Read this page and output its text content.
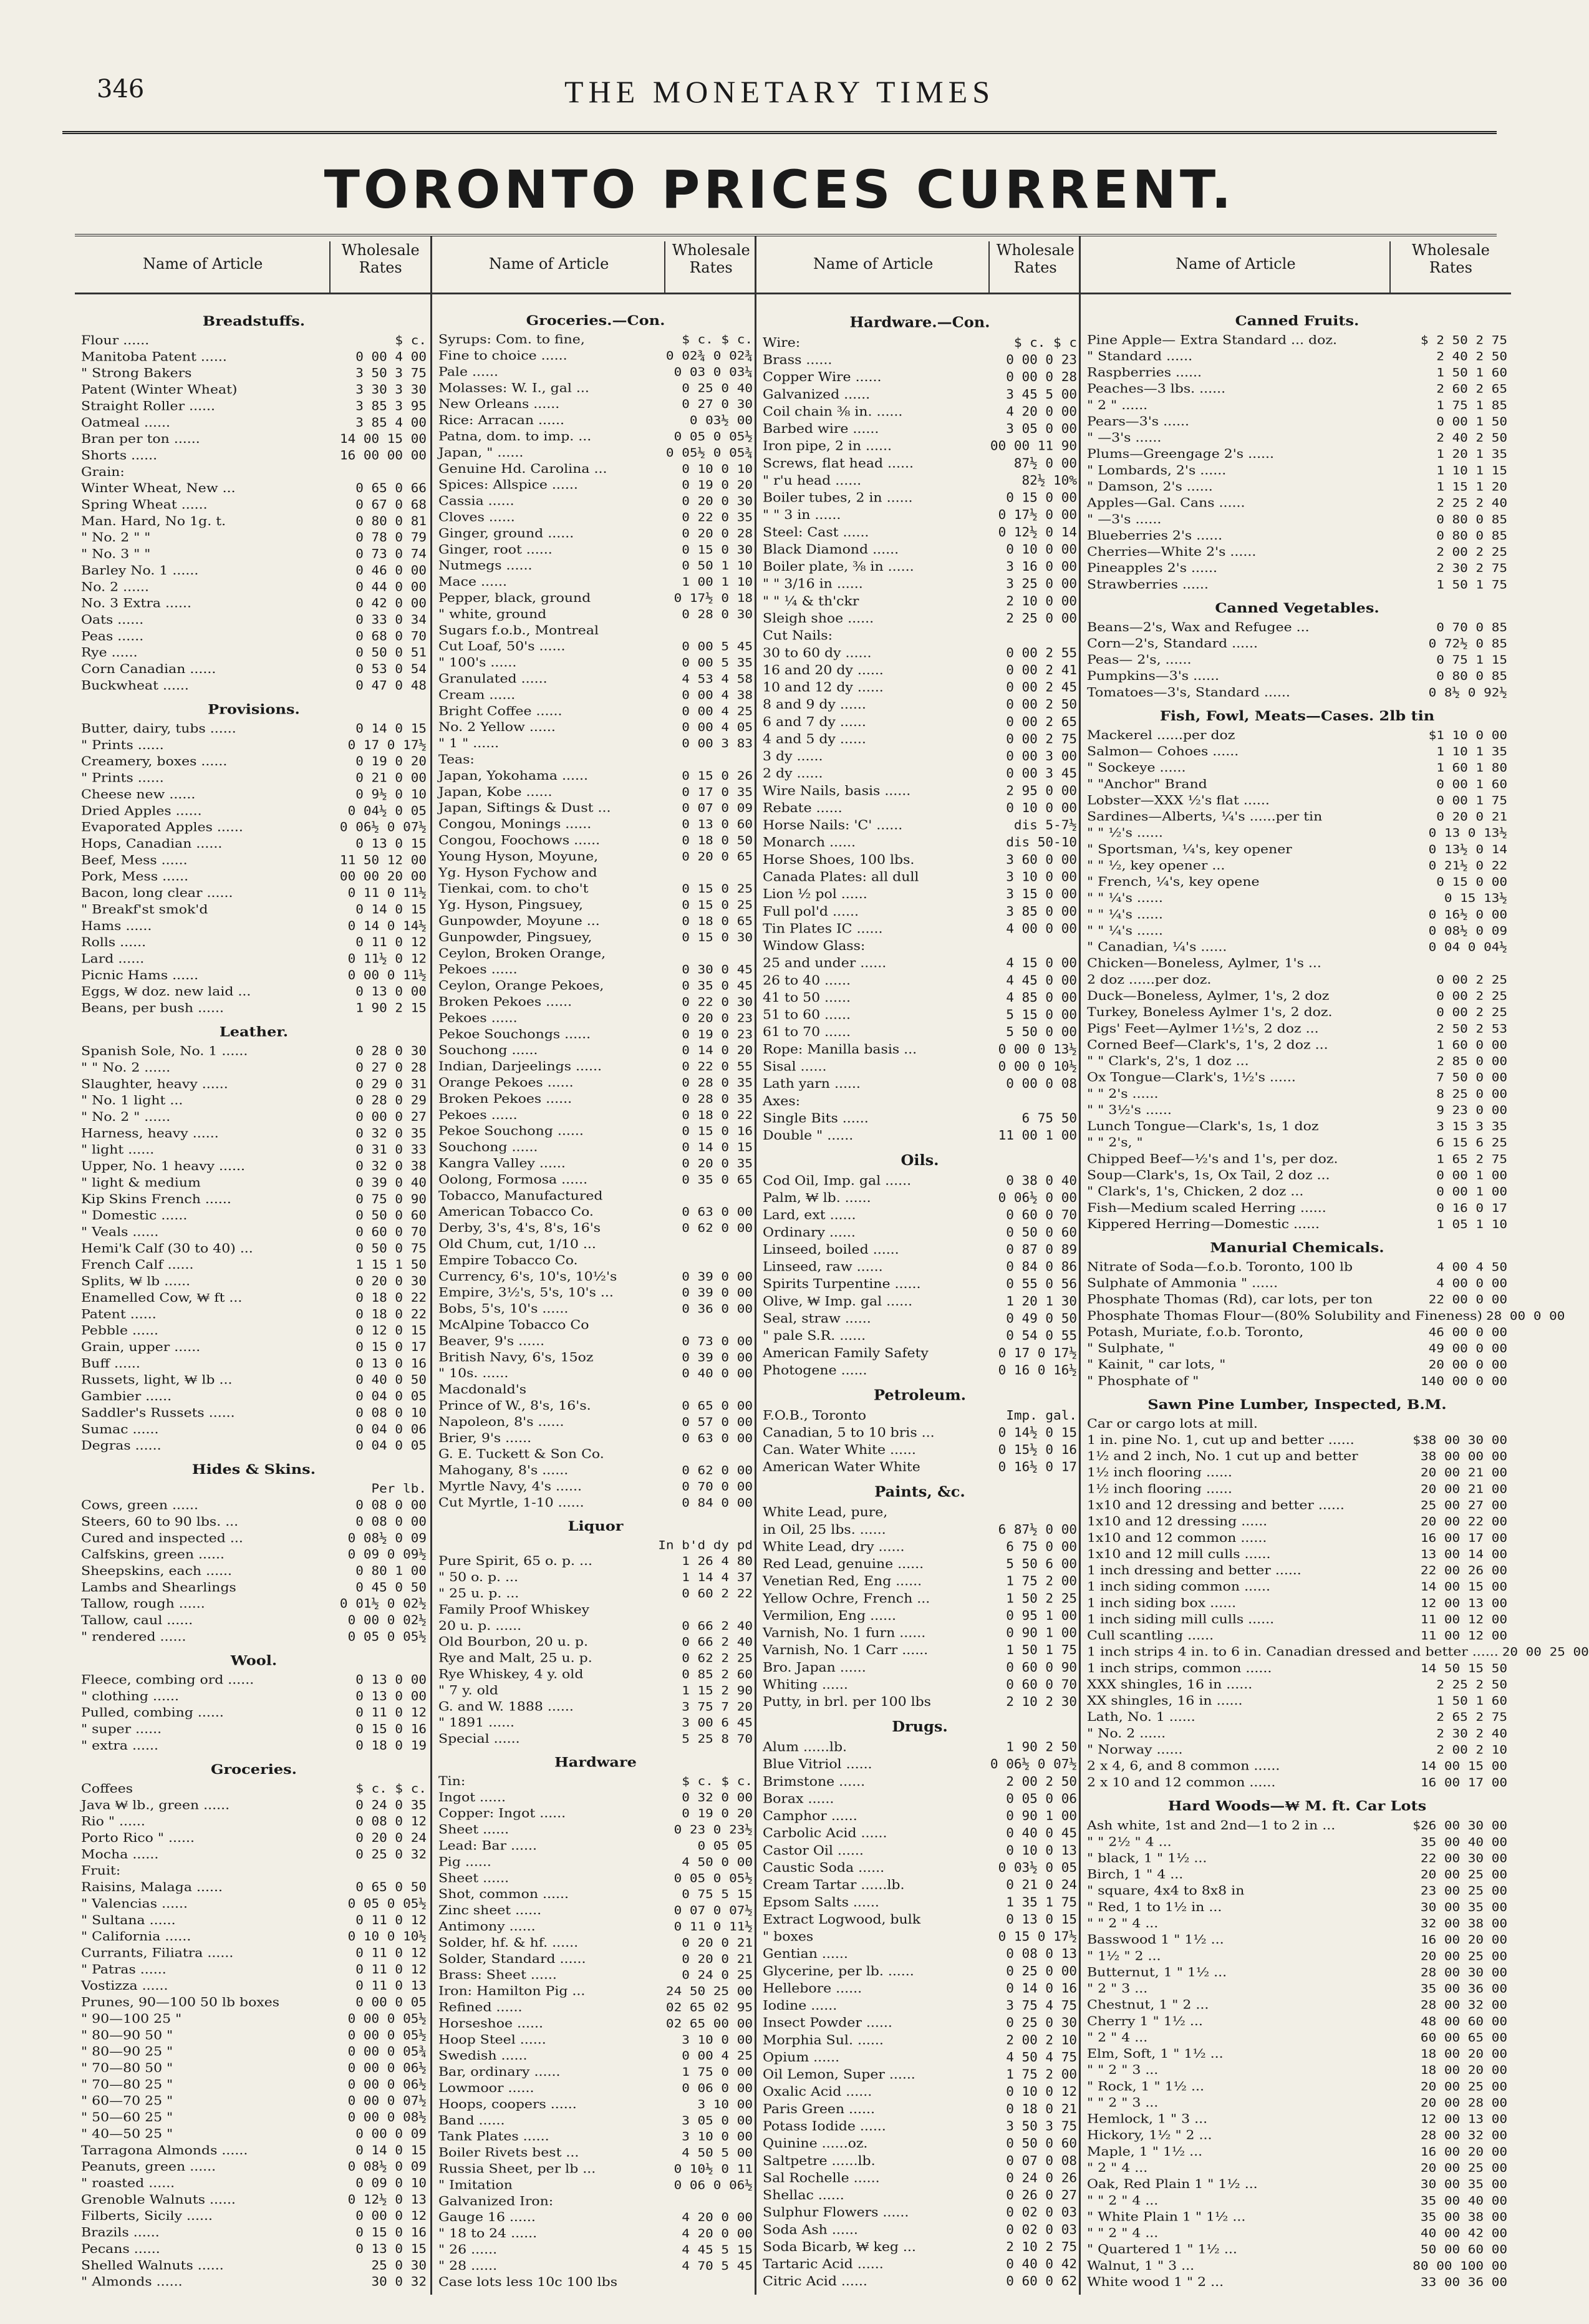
346	THE MONETARY TIMES
TORONTO PRICES CURRENT.
Name of Article
Wholesale Rates
Breadstuffs.
Flour ......	$ c.
Manitoba Patent ......	0 00 4 00
" Strong Bakers	3 50 3 75
Patent (Winter Wheat)	3 30 3 30
Straight Roller ......	3 85 3 95
Oatmeal ......	3 85 4 00
Bran per ton ......	14 00 15 00
Shorts ......	16 00 00 00
Grain:
Winter Wheat, New ...	0 65 0 66
Spring Wheat ......	0 67 0 68
Man. Hard, No 1g. t.	0 80 0 81
" No. 2 " "	0 78 0 79
" No. 3 " "	0 73 0 74
Barley No. 1 ......	0 46 0 00
No. 2 ......	0 44 0 00
No. 3 Extra ......	0 42 0 00
Oats ......	0 33 0 34
Peas ......	0 68 0 70
Rye ......	0 50 0 51
Corn Canadian ......	0 53 0 54
Buckwheat ......	0 47 0 48
Provisions.
Butter, dairy, tubs ......	0 14 0 15
" Prints ......	0 17 0 17½
Creamery, boxes ......	0 19 0 20
" Prints ......	0 21 0 00
Cheese new ......	0 9½ 0 10
Dried Apples ......	0 04½ 0 05
Evaporated Apples ......	0 06½ 0 07½
Hops, Canadian ......	0 13 0 15
Beef, Mess ......	11 50 12 00
Pork, Mess ......	00 00 20 00
Bacon, long clear ......	0 11 0 11½
" Breakf'st smok'd	0 14 0 15
Hams ......	0 14 0 14½
Rolls ......	0 11 0 12
Lard ......	0 11½ 0 12
Picnic Hams ......	0 00 0 11½
Eggs, ₩ doz. new laid ...	0 13 0 00
Beans, per bush ......	1 90 2 15
Leather.
Spanish Sole, No. 1 ......	0 28 0 30
" " No. 2 ......	0 27 0 28
Slaughter, heavy ......	0 29 0 31
" No. 1 light ...	0 28 0 29
" No. 2 " ......	0 00 0 27
Harness, heavy ......	0 32 0 35
" light ......	0 31 0 33
Upper, No. 1 heavy ......	0 32 0 38
" light & medium	0 39 0 40
Kip Skins French ......	0 75 0 90
" Domestic ......	0 50 0 60
" Veals ......	0 60 0 70
Hemi'k Calf (30 to 40) ...	0 50 0 75
French Calf ......	1 15 1 50
Splits, ₩ lb ......	0 20 0 30
Enamelled Cow, ₩ ft ...	0 18 0 22
Patent ......	0 18 0 22
Pebble ......	0 12 0 15
Grain, upper ......	0 15 0 17
Buff ......	0 13 0 16
Russets, light, ₩ lb ...	0 40 0 50
Gambier ......	0 04 0 05
Saddler's Russets ......	0 08 0 10
Sumac ......	0 04 0 06
Degras ......	0 04 0 05
Hides & Skins.
Per lb.
Cows, green ......	0 08 0 00
Steers, 60 to 90 lbs. ...	0 08 0 00
Cured and inspected ...	0 08½ 0 09
Calfskins, green ......	0 09 0 09½
Sheepskins, each ......	0 80 1 00
Lambs and Shearlings	0 45 0 50
Tallow, rough ......	0 01½ 0 02½
Tallow, caul ......	0 00 0 02½
" rendered ......	0 05 0 05½
Wool.
Fleece, combing ord ......	0 13 0 00
" clothing ......	0 13 0 00
Pulled, combing ......	0 11 0 12
" super ......	0 15 0 16
" extra ......	0 18 0 19
Groceries.
Coffees	$ c. $ c.
Java ₩ lb., green ......	0 24 0 35
Rio " ......	0 08 0 12
Porto Rico " ......	0 20 0 24
Mocha ......	0 25 0 32
Fruit:
Raisins, Malaga ......	0 65 0 50
" Valencias ......	0 05 0 05½
" Sultana ......	0 11 0 12
" California ......	0 10 0 10½
Currants, Filiatra ......	0 11 0 12
" Patras ......	0 11 0 12
Vostizza ......	0 11 0 13
Prunes, 90—100 50 lb boxes	0 00 0 05
" 90—100 25 "	0 00 0 05½
" 80—90 50 "	0 00 0 05½
" 80—90 25 "	0 00 0 05¾
" 70—80 50 "	0 00 0 06½
" 70—80 25 "	0 00 0 06½
" 60—70 25 "	0 00 0 07½
" 50—60 25 "	0 00 0 08½
" 40—50 25 "	0 00 0 09
Tarragona Almonds ......	0 14 0 15
Peanuts, green ......	0 08½ 0 09
" roasted ......	0 09 0 10
Grenoble Walnuts ......	0 12½ 0 13
Filberts, Sicily ......	0 00 0 12
Brazils ......	0 15 0 16
Pecans ......	0 13 0 15
Shelled Walnuts ......	25 0 30
" Almonds ......	30 0 32
Name of Article
Wholesale Rates
Groceries.—Con.
Syrups: Com. to fine,	$ c. $ c.
Fine to choice ......	0 02¾ 0 02¾
Pale ......	0 03 0 03¼
Molasses: W. I., gal ...	0 25 0 40
New Orleans ......	0 27 0 30
Rice: Arracan ......	0 03½ 00
Patna, dom. to imp. ...	0 05 0 05½
Japan, " ......	0 05½ 0 05¾
Genuine Hd. Carolina ...	0 10 0 10
Spices: Allspice ......	0 19 0 20
Cassia ......	0 20 0 30
Cloves ......	0 22 0 35
Ginger, ground ......	0 20 0 28
Ginger, root ......	0 15 0 30
Nutmegs ......	0 50 1 10
Mace ......	1 00 1 10
Pepper, black, ground	0 17½ 0 18
" white, ground	0 28 0 30
Sugars f.o.b., Montreal
Cut Loaf, 50's ......	0 00 5 45
" 100's ......	0 00 5 35
Granulated ......	4 53 4 58
Cream ......	0 00 4 38
Bright Coffee ......	0 00 4 25
No. 2 Yellow ......	0 00 4 05
" 1 " ......	0 00 3 83
Teas:
Japan, Yokohama ......	0 15 0 26
Japan, Kobe ......	0 17 0 35
Japan, Siftings & Dust ...	0 07 0 09
Congou, Monings ......	0 13 0 60
Congou, Foochows ......	0 18 0 50
Young Hyson, Moyune,	0 20 0 65
Yg. Hyson Fychow and
Tienkai, com. to cho't	0 15 0 25
Yg. Hyson, Pingsuey,	0 15 0 25
Gunpowder, Moyune ...	0 18 0 65
Gunpowder, Pingsuey,	0 15 0 30
Ceylon, Broken Orange,
Pekoes ......	0 30 0 45
Ceylon, Orange Pekoes,	0 35 0 45
Broken Pekoes ......	0 22 0 30
Pekoes ......	0 20 0 23
Pekoe Souchongs ......	0 19 0 23
Souchong ......	0 14 0 20
Indian, Darjeelings ......	0 22 0 55
Orange Pekoes ......	0 28 0 35
Broken Pekoes ......	0 28 0 35
Pekoes ......	0 18 0 22
Pekoe Souchong ......	0 15 0 16
Souchong ......	0 14 0 15
Kangra Valley ......	0 20 0 35
Oolong, Formosa ......	0 35 0 65
Tobacco, Manufactured
American Tobacco Co.	0 63 0 00
Derby, 3's, 4's, 8's, 16's	0 62 0 00
Old Chum, cut, 1/10 ...
Empire Tobacco Co.
Currency, 6's, 10's, 10½'s	0 39 0 00
Empire, 3½'s, 5's, 10's ...	0 39 0 00
Bobs, 5's, 10's ......	0 36 0 00
McAlpine Tobacco Co
Beaver, 9's ......	0 73 0 00
British Navy, 6's, 15oz	0 39 0 00
" 10s. ......	0 40 0 00
Macdonald's
Prince of W., 8's, 16's.	0 65 0 00
Napoleon, 8's ......	0 57 0 00
Brier, 9's ......	0 63 0 00
G. E. Tuckett & Son Co.
Mahogany, 8's ......	0 62 0 00
Myrtle Navy, 4's ......	0 70 0 00
Cut Myrtle, 1-10 ......	0 84 0 00
Liquor
In b'd dy pd
Pure Spirit, 65 o. p. ...	1 26 4 80
" 50 o. p. ...	1 14 4 37
" 25 u. p. ...	0 60 2 22
Family Proof Whiskey
20 u. p. ......	0 66 2 40
Old Bourbon, 20 u. p.	0 66 2 40
Rye and Malt, 25 u. p.	0 62 2 25
Rye Whiskey, 4 y. old	0 85 2 60
" 7 y. old	1 15 2 90
G. and W. 1888 ......	3 75 7 20
" 1891 ......	3 00 6 45
Special ......	5 25 8 70
Hardware
Tin:	$ c. $ c.
Ingot ......	0 32 0 00
Copper: Ingot ......	0 19 0 20
Sheet ......	0 23 0 23½
Lead: Bar ......	0 05 05
Pig ......	4 50 0 00
Sheet ......	0 05 0 05½
Shot, common ......	0 75 5 15
Zinc sheet ......	0 07 0 07½
Antimony ......	0 11 0 11½
Solder, hf. & hf. ......	0 20 0 21
Solder, Standard ......	0 20 0 21
Brass: Sheet ......	0 24 0 25
Iron: Hamilton Pig ...	24 50 25 00
Refined ......	02 65 02 95
Horseshoe ......	02 65 00 00
Hoop Steel ......	3 10 0 00
Swedish ......	0 00 4 25
Bar, ordinary ......	1 75 0 00
Lowmoor ......	0 06 0 00
Hoops, coopers ......	3 10 00
Band ......	3 05 0 00
Tank Plates ......	3 10 0 00
Boiler Rivets best ...	4 50 5 00
Russia Sheet, per lb ...	0 10½ 0 11
" Imitation	0 06 0 06½
Galvanized Iron:
Gauge 16 ......	4 20 0 00
" 18 to 24 ......	4 20 0 00
" 26 ......	4 45 5 15
" 28 ......	4 70 5 45
Case lots less 10c 100 lbs
Name of Article
Wholesale Rates
Hardware.—Con.
Wire:	$ c. $ c
Brass ......	0 00 0 23
Copper Wire ......	0 00 0 28
Galvanized ......	3 45 5 00
Coil chain ⅜ in. ......	4 20 0 00
Barbed wire ......	3 05 0 00
Iron pipe, 2 in ......	00 00 11 90
Screws, flat head ......	87½ 0 00
" r'u head ......	82½ 10%
Boiler tubes, 2 in ......	0 15 0 00
" " 3 in ......	0 17½ 0 00
Steel: Cast ......	0 12½ 0 14
Black Diamond ......	0 10 0 00
Boiler plate, ⅜ in ......	3 16 0 00
" " 3/16 in ......	3 25 0 00
" " ¼ & th'ckr	2 10 0 00
Sleigh shoe ......	2 25 0 00
Cut Nails:
30 to 60 dy ......	0 00 2 55
16 and 20 dy ......	0 00 2 41
10 and 12 dy ......	0 00 2 45
8 and 9 dy ......	0 00 2 50
6 and 7 dy ......	0 00 2 65
4 and 5 dy ......	0 00 2 75
3 dy ......	0 00 3 00
2 dy ......	0 00 3 45
Wire Nails, basis ......	2 95 0 00
Rebate ......	0 10 0 00
Horse Nails: 'C' ......	dis 5-7½
Monarch ......	dis 50-10
Horse Shoes, 100 lbs.	3 60 0 00
Canada Plates: all dull	3 10 0 00
Lion ½ pol ......	3 15 0 00
Full pol'd ......	3 85 0 00
Tin Plates IC ......	4 00 0 00
Window Glass:
25 and under ......	4 15 0 00
26 to 40 ......	4 45 0 00
41 to 50 ......	4 85 0 00
51 to 60 ......	5 15 0 00
61 to 70 ......	5 50 0 00
Rope: Manilla basis ...	0 00 0 13½
Sisal ......	0 00 0 10½
Lath yarn ......	0 00 0 08
Axes:
Single Bits ......	6 75 50
Double " ......	11 00 1 00
Oils.
Cod Oil, Imp. gal ......	0 38 0 40
Palm, ₩ lb. ......	0 06½ 0 00
Lard, ext ......	0 60 0 70
Ordinary ......	0 50 0 60
Linseed, boiled ......	0 87 0 89
Linseed, raw ......	0 84 0 86
Spirits Turpentine ......	0 55 0 56
Olive, ₩ Imp. gal ......	1 20 1 30
Seal, straw ......	0 49 0 50
" pale S.R. ......	0 54 0 55
American Family Safety	0 17 0 17½
Photogene ......	0 16 0 16½
Petroleum.
F.O.B., Toronto	Imp. gal.
Canadian, 5 to 10 bris ...	0 14½ 0 15
Can. Water White ......	0 15½ 0 16
American Water White	0 16½ 0 17
Paints, &c.
White Lead, pure,
in Oil, 25 lbs. ......	6 87½ 0 00
White Lead, dry ......	6 75 0 00
Red Lead, genuine ......	5 50 6 00
Venetian Red, Eng ......	1 75 2 00
Yellow Ochre, French ...	1 50 2 25
Vermilion, Eng ......	0 95 1 00
Varnish, No. 1 furn ......	0 90 1 00
Varnish, No. 1 Carr ......	1 50 1 75
Bro. Japan ......	0 60 0 90
Whiting ......	0 60 0 70
Putty, in brl. per 100 lbs	2 10 2 30
Drugs.
Alum ......lb.	1 90 2 50
Blue Vitriol ......	0 06½ 0 07½
Brimstone ......	2 00 2 50
Borax ......	0 05 0 06
Camphor ......	0 90 1 00
Carbolic Acid ......	0 40 0 45
Castor Oil ......	0 10 0 13
Caustic Soda ......	0 03½ 0 05
Cream Tartar ......lb.	0 21 0 24
Epsom Salts ......	1 35 1 75
Extract Logwood, bulk	0 13 0 15
" boxes	0 15 0 17½
Gentian ......	0 08 0 13
Glycerine, per lb. ......	0 25 0 00
Hellebore ......	0 14 0 16
Iodine ......	3 75 4 75
Insect Powder ......	0 25 0 30
Morphia Sul. ......	2 00 2 10
Opium ......	4 50 4 75
Oil Lemon, Super ......	1 75 2 00
Oxalic Acid ......	0 10 0 12
Paris Green ......	0 18 0 21
Potass Iodide ......	3 50 3 75
Quinine ......oz.	0 50 0 60
Saltpetre ......lb.	0 07 0 08
Sal Rochelle ......	0 24 0 26
Shellac ......	0 26 0 27
Sulphur Flowers ......	0 02 0 03
Soda Ash ......	0 02 0 03
Soda Bicarb, ₩ keg ...	2 10 2 75
Tartaric Acid ......	0 40 0 42
Citric Acid ......	0 60 0 62
Name of Article
Wholesale Rates
Canned Fruits.
Pine Apple— Extra Standard ... doz.	$ 2 50 2 75
" Standard ......	2 40 2 50
Raspberries ......	1 50 1 60
Peaches—3 lbs. ......	2 60 2 65
" 2 " ......	1 75 1 85
Pears—3's ......	0 00 1 50
" —3's ......	2 40 2 50
Plums—Greengage 2's ......	1 20 1 35
" Lombards, 2's ......	1 10 1 15
" Damson, 2's ......	1 15 1 20
Apples—Gal. Cans ......	2 25 2 40
" —3's ......	0 80 0 85
Blueberries 2's ......	0 80 0 85
Cherries—White 2's ......	2 00 2 25
Pineapples 2's ......	2 30 2 75
Strawberries ......	1 50 1 75
Canned Vegetables.
Beans—2's, Wax and Refugee ...	0 70 0 85
Corn—2's, Standard ......	0 72½ 0 85
Peas— 2's, ......	0 75 1 15
Pumpkins—3's ......	0 80 0 85
Tomatoes—3's, Standard ......	0 8½ 0 92½
Fish, Fowl, Meats—Cases. 2lb tin
Mackerel ......per doz	$1 10 0 00
Salmon— Cohoes ......	1 10 1 35
" Sockeye ......	1 60 1 80
" "Anchor" Brand	0 00 1 60
Lobster—XXX ½'s flat ......	0 00 1 75
Sardines—Alberts, ¼'s ......per tin	0 20 0 21
" " ½'s ......	0 13 0 13½
" Sportsman, ¼'s, key opener	0 13½ 0 14
" " ½, key opener ...	0 21½ 0 22
" French, ¼'s, key opene	0 15 0 00
" " ¼'s ......	0 15 13½
" " ¼'s ......	0 16½ 0 00
" " ¼'s ......	0 08½ 0 09
" Canadian, ¼'s ......	0 04 0 04½
Chicken—Boneless, Aylmer, 1's ...
2 doz ......per doz.	0 00 2 25
Duck—Boneless, Aylmer, 1's, 2 doz	0 00 2 25
Turkey, Boneless Aylmer 1's, 2 doz.	0 00 2 25
Pigs' Feet—Aylmer 1½'s, 2 doz ...	2 50 2 53
Corned Beef—Clark's, 1's, 2 doz ...	1 60 0 00
" " Clark's, 2's, 1 doz ...	2 85 0 00
Ox Tongue—Clark's, 1½'s ......	7 50 0 00
" " 2's ......	8 25 0 00
" " 3½'s ......	9 23 0 00
Lunch Tongue—Clark's, 1s, 1 doz	3 15 3 35
" " 2's, "	6 15 6 25
Chipped Beef—½'s and 1's, per doz.	1 65 2 75
Soup—Clark's, 1s, Ox Tail, 2 doz ...	0 00 1 00
" Clark's, 1's, Chicken, 2 doz ...	0 00 1 00
Fish—Medium scaled Herring ......	0 16 0 17
Kippered Herring—Domestic ......	1 05 1 10
Manurial Chemicals.
Nitrate of Soda—f.o.b. Toronto, 100 lb	4 00 4 50
Sulphate of Ammonia " ......	4 00 0 00
Phosphate Thomas (Rd), car lots, per ton	22 00 0 00
Phosphate Thomas Flour—(80% Solubility and Fineness) 28 00 0 00
Potash, Muriate, f.o.b. Toronto,	46 00 0 00
" Sulphate, "	49 00 0 00
" Kainit, " car lots, "	20 00 0 00
" Phosphate of "	140 00 0 00
Sawn Pine Lumber, Inspected, B.M.
Car or cargo lots at mill.
1 in. pine No. 1, cut up and better ......	$38 00 30 00
1½ and 2 inch, No. 1 cut up and better	38 00 00 00
1½ inch flooring ......	20 00 21 00
1½ inch flooring ......	20 00 21 00
1x10 and 12 dressing and better ......	25 00 27 00
1x10 and 12 dressing ......	20 00 22 00
1x10 and 12 common ......	16 00 17 00
1x10 and 12 mill culls ......	13 00 14 00
1 inch dressing and better ......	22 00 26 00
1 inch siding common ......	14 00 15 00
1 inch siding box ......	12 00 13 00
1 inch siding mill culls ......	11 00 12 00
Cull scantling ......	11 00 12 00
1 inch strips 4 in. to 6 in. Canadian dressed and better ...... 20 00 25 00
1 inch strips, common ......	14 50 15 50
XXX shingles, 16 in ......	2 25 2 50
XX shingles, 16 in ......	1 50 1 60
Lath, No. 1 ......	2 65 2 75
" No. 2 ......	2 30 2 40
" Norway ......	2 00 2 10
2 x 4, 6, and 8 common ......	14 00 15 00
2 x 10 and 12 common ......	16 00 17 00
Hard Woods—₩ M. ft. Car Lots
Ash white, 1st and 2nd—1 to 2 in ...	$26 00 30 00
" " 2½ " 4 ...	35 00 40 00
" black, 1 " 1½ ...	22 00 30 00
Birch, 1 " 4 ...	20 00 25 00
" square, 4x4 to 8x8 in	23 00 25 00
" Red, 1 to 1½ in ...	30 00 35 00
" " 2 " 4 ...	32 00 38 00
Basswood 1 " 1½ ...	16 00 20 00
" 1½ " 2 ...	20 00 25 00
Butternut, 1 " 1½ ...	28 00 30 00
" 2 " 3 ...	35 00 36 00
Chestnut, 1 " 2 ...	28 00 32 00
Cherry 1 " 1½ ...	48 00 60 00
" 2 " 4 ...	60 00 65 00
Elm, Soft, 1 " 1½ ...	18 00 20 00
" " 2 " 3 ...	18 00 20 00
" Rock, 1 " 1½ ...	20 00 25 00
" " 2 " 3 ...	20 00 28 00
Hemlock, 1 " 3 ...	12 00 13 00
Hickory, 1½ " 2 ...	28 00 32 00
Maple, 1 " 1½ ...	16 00 20 00
" 2 " 4 ...	20 00 25 00
Oak, Red Plain 1 " 1½ ...	30 00 35 00
" " 2 " 4 ...	35 00 40 00
" White Plain 1 " 1½ ...	35 00 38 00
" " 2 " 4 ...	40 00 42 00
" Quartered 1 " 1½ ...	50 00 60 00
Walnut, 1 " 3 ...	80 00 100 00
White wood 1 " 2 ...	33 00 36 00
